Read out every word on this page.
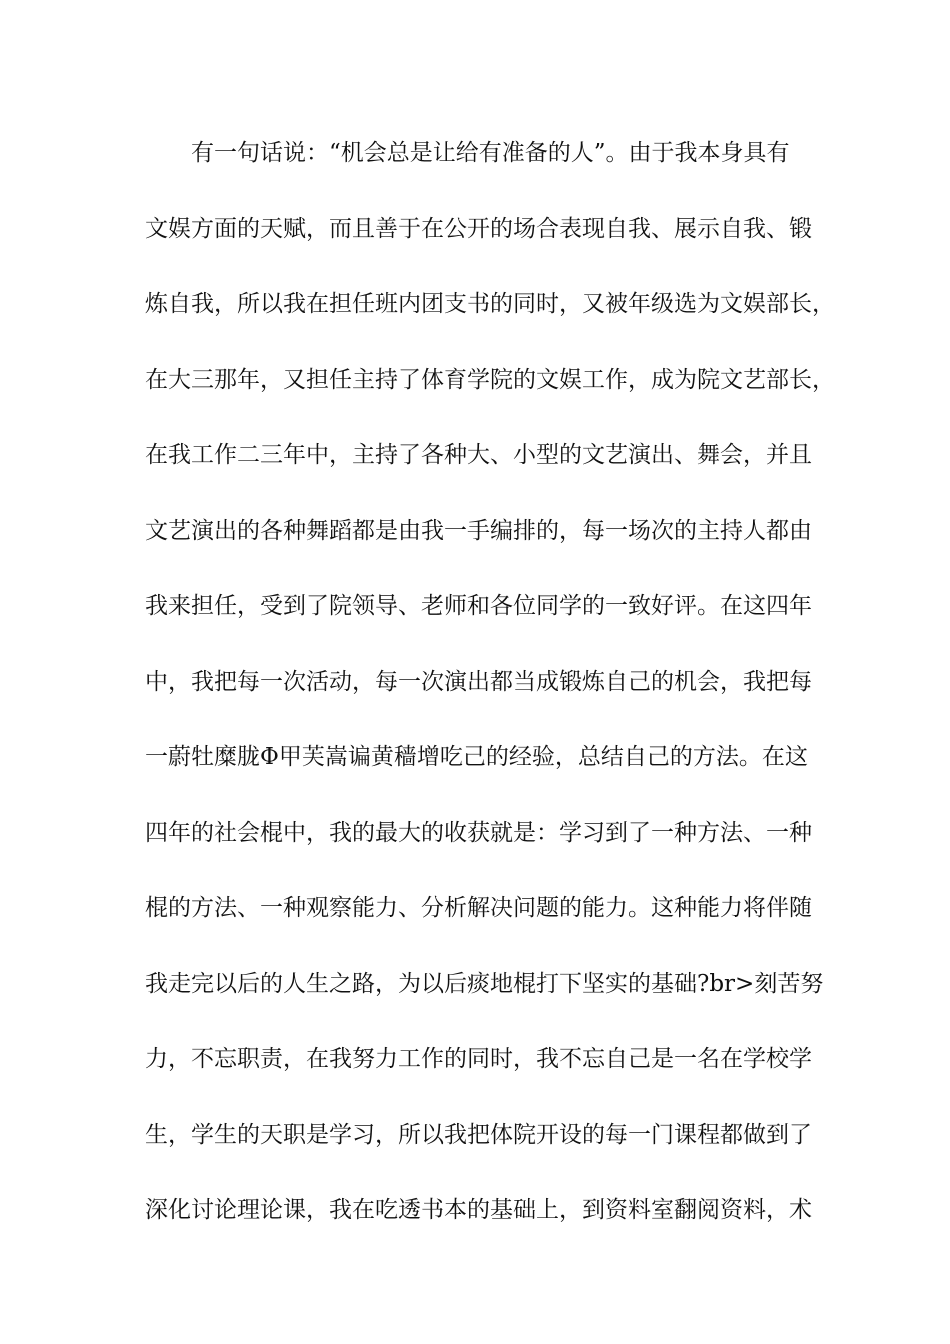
有一句话说：“机会总是让给有准备的人”。由于我本身具有
文娱方面的天赋，而且善于在公开的场合表现自我、展示自我、锻
炼自我，所以我在担任班内团支书的同时，又被年级选为文娱部长，
在大三那年，又担任主持了体育学院的文娱工作，成为院文艺部长，
在我工作二三年中，主持了各种大、小型的文艺演出、舞会，并且
文艺演出的各种舞蹈都是由我一手编排的，每一场次的主持人都由
我来担任，受到了院领导、老师和各位同学的一致好评。在这四年
中，我把每一次活动，每一次演出都当成锻炼自己的机会，我把每
一蔚牡糜胧Φ甲芙嵩谝黄穑增吃己的经验，总结自己的方法。在这
四年的社会棍中，我的最大的收获就是：学习到了一种方法、一种
棍的方法、一种观察能力、分析解决问题的能力。这种能力将伴随
我走完以后的人生之路，为以后痰地棍打下坚实的基础?br>刻苦努
力，不忘职责，在我努力工作的同时，我不忘自己是一名在学校学
生，学生的天职是学习，所以我把体院开设的每一门课程都做到了
深化讨论理论课，我在吃透书本的基础上，到资料室翻阅资料，术
